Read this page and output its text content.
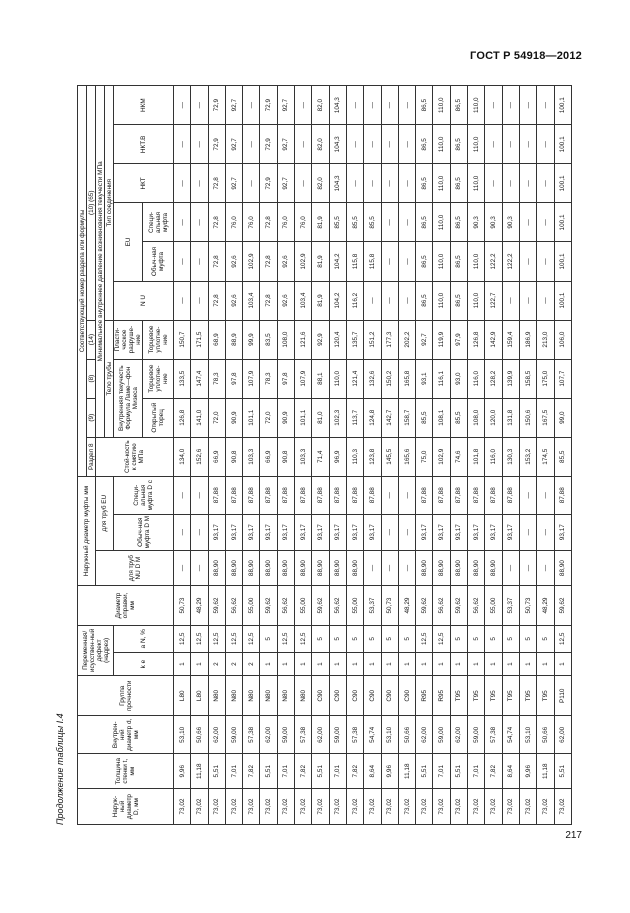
ГОСТ Р 54918—2012
Продолжение таблицы I.4	Наруж-ный диаметр D, мм	Толщина стенки t, мм	Внутрен-ний диаметр d, мм	Группа прочности	Переменная/ исусствен-ный дефект (надрез)		Диаметр оправки, мм	Наружный диаметр муфты мм			Соответствующий номер раздела или формулы									
										Раздел 8	(9)	(8)	(14)	(10) (65)					
							для труб NU D M	для труб EU		Стой-кость к смятию МПа	Минимальное внутреннее давление возникновения текучести МПа								
											Тело трубы			Тип соединения					
				k e	a N, %			Обыч-ная муфта D M	Специ-альная муфта D c		Внутренняя текучесть
Формула Ламе—фон Мизеса		Пласти-ческое разруше-ние	N U	EU		НКТ	НКТ.В	НКМ
											Открытый торец	Торцевое уплотне-ние	Торцевое уплотне-ние		Обыч-ная муфта	Специ-альная муфта			
73,02	9,96	53,10	L80	1	12,5	50,73	—	—	—	134,0	126,8	133,5	150,7	—	—	—	—	—	—
73,02	11,18	50,66	L80	1	12,5	48,29	—	—	—	152,6	141,0	147,4	171,5	—	—	—	—	—	—
73,02	5,51	62,00	N80	2	12,5	59,62	88,90	93,17	87,88	66,9	72,0	78,3	68,9	72,8	72,8	72,8	72,8	72,9	72,9
73,02	7,01	59,00	N80	2	12,5	56,62	88,90	93,17	87,88	90,8	90,9	97,8	88,9	92,6	92,6	76,0	92,7	92,7	92,7
73,02	7,82	57,38	N80	2	12,5	55,00	88,90	93,17	87,88	103,3	101,1	107,9	99,9	103,4	102,9	76,0	—	—	—
73,02	5,51	62,00	N80	1	5	59,62	88,90	93,17	87,88	66,9	72,0	78,3	83,5	72,8	72,8	72,8	72,9	72,9	72,9
73,02	7,01	59,00	N80	1	12,5	56,62	88,90	93,17	87,88	90,8	90,9	97,8	108,0	92,6	92,6	76,0	92,7	92,7	92,7
73,02	7,82	57,38	N80	1	12,5	55,00	88,90	93,17	87,88	103,3	101,1	107,9	121,6	103,4	102,9	76,0	—	—	—
73,02	5,51	62,00	C90	1	5	59,62	88,90	93,17	87,88	71,4	81,0	88,1	92,9	81,9	81,9	81,9	82,0	82,0	82,0
73,02	7,01	59,00	C90	1	5	56,62	88,90	93,17	87,88	96,9	102,3	110,0	120,4	104,2	104,2	85,5	104,3	104,3	104,3
73,02	7,82	57,38	C90	1	5	55,00	88,90	93,17	87,88	110,3	113,7	121,4	135,7	116,2	115,8	85,5	—	—	—
73,02	8,64	54,74	C90	1	5	53,37	—	93,17	87,88	123,8	124,8	132,6	151,2	—	115,8	85,5	—	—	—
73,02	9,96	53,10	C90	1	5	50,73	—	—	—	145,5	142,7	150,2	177,3	—	—	—	—	—	—
73,02	11,18	50,66	C90	1	5	48,29	—	—	—	165,6	158,7	165,8	202,2	—	—	—	—	—	—
73,02	5,51	62,00	R95	1	12,5	59,62	88,90	93,17	87,88	75,0	85,5	93,1	92,7	86,5	86,5	86,5	86,5	86,5	86,5
73,02	7,01	59,00	R95	1	12,5	56,62	88,90	93,17	87,88	102,9	108,1	116,1	119,9	110,0	110,0	110,0	110,0	110,0	110,0
73,02	5,51	62,00	T95	1	5	59,62	88,90	93,17	87,88	74,6	85,5	93,0	97,9	86,5	86,5	86,5	86,5	86,5	86,5
73,02	7,01	59,00	T95	1	5	56,62	88,90	93,17	87,88	101,8	108,0	116,0	126,8	110,0	110,0	90,3	110,0	110,0	110,0
73,02	7,82	57,38	T95	1	5	55,00	88,90	93,17	87,88	116,0	120,0	128,2	142,9	122,7	122,2	90,3	—	—	—
73,02	8,64	54,74	T95	1	5	53,37	—	93,17	87,88	130,3	131,8	139,9	159,4	—	122,2	90,3	—	—	—
73,02	9,96	53,10	T95	1	5	50,73	—	—	—	153,2	150,6	158,5	186,9	—	—	—	—	—	—
73,02	11,18	50,66	T95	1	5	48,29	—	—	—	174,5	167,5	175,0	213,0	—	—	—	—	—	—
73,02	5,51	62,00	P110	1	12,5	59,62	88,90	93,17	87,88	85,5	99,0	107,7	106,0	100,1	100,1	100,1	100,1	100,1	100,1
217
